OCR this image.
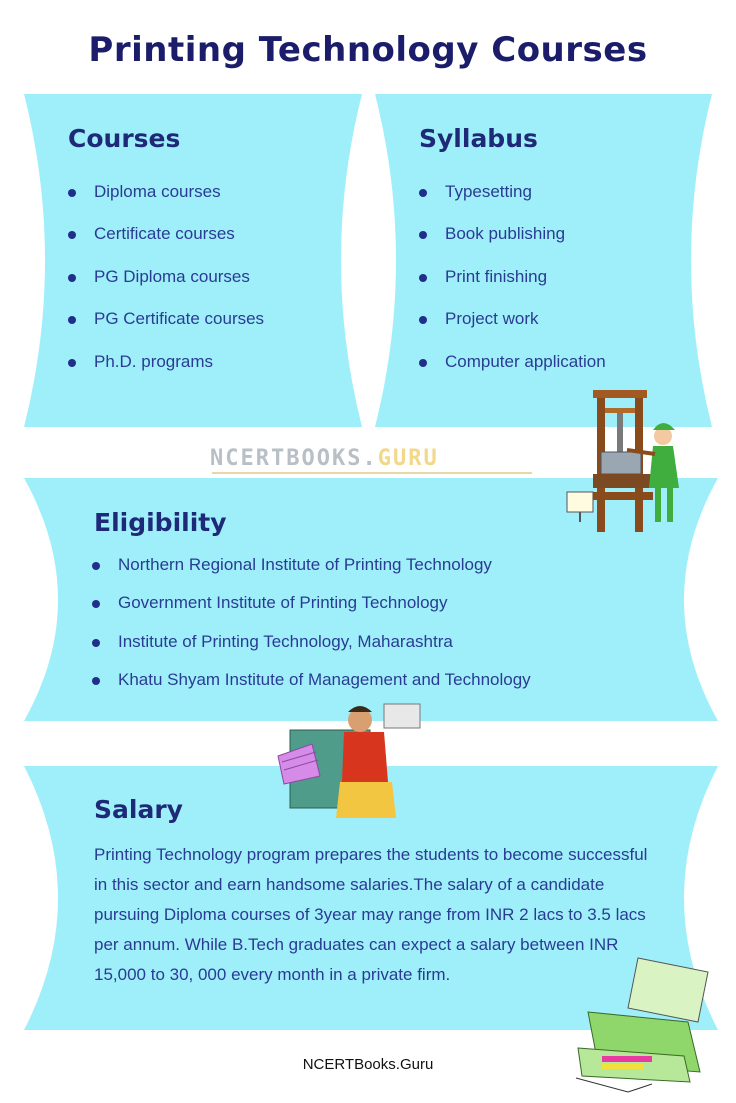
Printing Technology Courses
Courses
Diploma courses
Certificate courses
PG Diploma courses
PG Certificate courses
Ph.D. programs
Syllabus
Typesetting
Book publishing
Print finishing
Project work
Computer application
NCERTBOOKS.GURU
Eligibility
Northern Regional Institute of Printing Technology
Government Institute of Printing Technology
Institute of Printing Technology, Maharashtra
Khatu Shyam Institute of Management and Technology
Salary
Printing Technology program prepares the students to become successful in this sector and earn handsome salaries.The salary of a candidate pursuing Diploma courses of 3year may range from INR 2 lacs to 3.5 lacs per annum. While B.Tech graduates can expect a salary between INR 15,000 to 30, 000 every month in a private firm.
NCERTBooks.Guru
